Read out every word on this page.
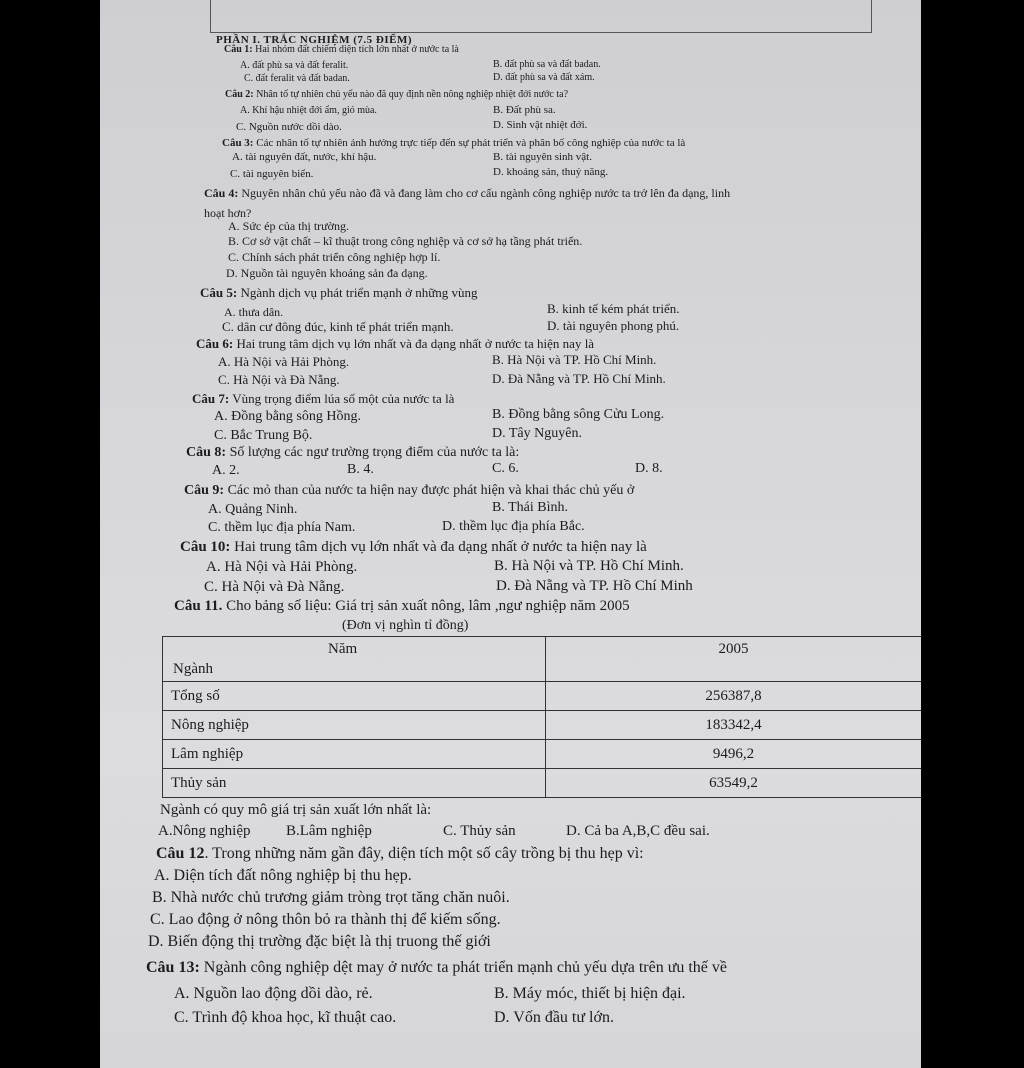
PHẦN I. TRẮC NGHIỆM (7.5 ĐIỂM)
Câu 1: Hai nhóm đất chiếm diện tích lớn nhất ở nước ta là
A. đất phù sa và đất feralit.	B. đất phù sa và đất badan.
C. đất feralit và đất badan.	D. đất phù sa và đất xám.
Câu 2: Nhân tố tự nhiên chủ yếu nào đã quy định nền nông nghiệp nhiệt đới nước ta?
A. Khí hậu nhiệt đới ẩm, gió mùa.	B. Đất phù sa.
C. Nguồn nước dồi dào.	D. Sinh vật nhiệt đới.
Câu 3: Các nhân tố tự nhiên ảnh hưởng trực tiếp đến sự phát triển và phân bố công nghiệp của nước ta là
A. tài nguyên đất, nước, khí hậu.	B. tài nguyên sinh vật.
C. tài nguyên biển.	D. khoáng sản, thuỷ năng.
Câu 4: Nguyên nhân chủ yếu nào đã và đang làm cho cơ cấu ngành công nghiệp nước ta trở lên đa dạng, linh
hoạt hơn?
A. Sức ép của thị trường.
B. Cơ sở vật chất – kĩ thuật trong công nghiệp và cơ sở hạ tầng phát triển.
C. Chính sách phát triển công nghiệp hợp lí.
D. Nguồn tài nguyên khoáng sản đa dạng.
Câu 5: Ngành dịch vụ phát triển mạnh ở những vùng
A. thưa dân.	B. kinh tế kém phát triển.
C. dân cư đông đúc, kinh tế phát triển mạnh.	D. tài nguyên phong phú.
Câu 6: Hai trung tâm dịch vụ lớn nhất và đa dạng nhất ở nước ta hiện nay là
A. Hà Nội và Hải Phòng.	B. Hà Nội và TP. Hồ Chí Minh.
C. Hà Nội và Đà Nẵng.	D. Đà Nẵng và TP. Hồ Chí Minh.
Câu 7: Vùng trọng điểm lúa số một của nước ta là
A. Đồng bằng sông Hồng.	B. Đồng bằng sông Cửu Long.
C. Bắc Trung Bộ.	D. Tây Nguyên.
Câu 8: Số lượng các ngư trường trọng điểm của nước ta là:
A. 2.	B. 4.	C. 6.	D. 8.
Câu 9: Các mỏ than của nước ta hiện nay được phát hiện và khai thác chủ yếu ở
A. Quảng Ninh.	B. Thái Bình.
C. thềm lục địa phía Nam.	D. thềm lục địa phía Bắc.
Câu 10: Hai trung tâm dịch vụ lớn nhất và đa dạng nhất ở nước ta hiện nay là
A. Hà Nội và Hải Phòng.	B. Hà Nội và TP. Hồ Chí Minh.
C. Hà Nội và Đà Nẵng.	D. Đà Nẵng và TP. Hồ Chí Minh
Câu 11. Cho bảng số liệu: Giá trị sản xuất nông, lâm ,ngư nghiệp năm 2005
(Đơn vị nghìn tỉ đồng)
Năm
Ngành	2005
Tổng số	256387,8
Nông nghiệp	183342,4
Lâm nghiệp	9496,2
Thủy sản	63549,2
Ngành có quy mô giá trị sản xuất lớn nhất là:
A.Nông nghiệp B.Lâm nghiệp	C. Thủy sản	D. Cả ba A,B,C đều sai.
Câu 12. Trong những năm gần đây, diện tích một số cây trồng bị thu hẹp vì:
A. Diện tích đất nông nghiệp bị thu hẹp.
B. Nhà nước chủ trương giảm tròng trọt tăng chăn nuôi.
C. Lao động ở nông thôn bỏ ra thành thị để kiếm sống.
D. Biến động thị trường đặc biệt là thị truong thế giới
Câu 13: Ngành công nghiệp dệt may ở nước ta phát triển mạnh chủ yếu dựa trên ưu thế về
A. Nguồn lao động dồi dào, rẻ.	B. Máy móc, thiết bị hiện đại.
C. Trình độ khoa học, kĩ thuật cao.	D. Vốn đầu tư lớn.
